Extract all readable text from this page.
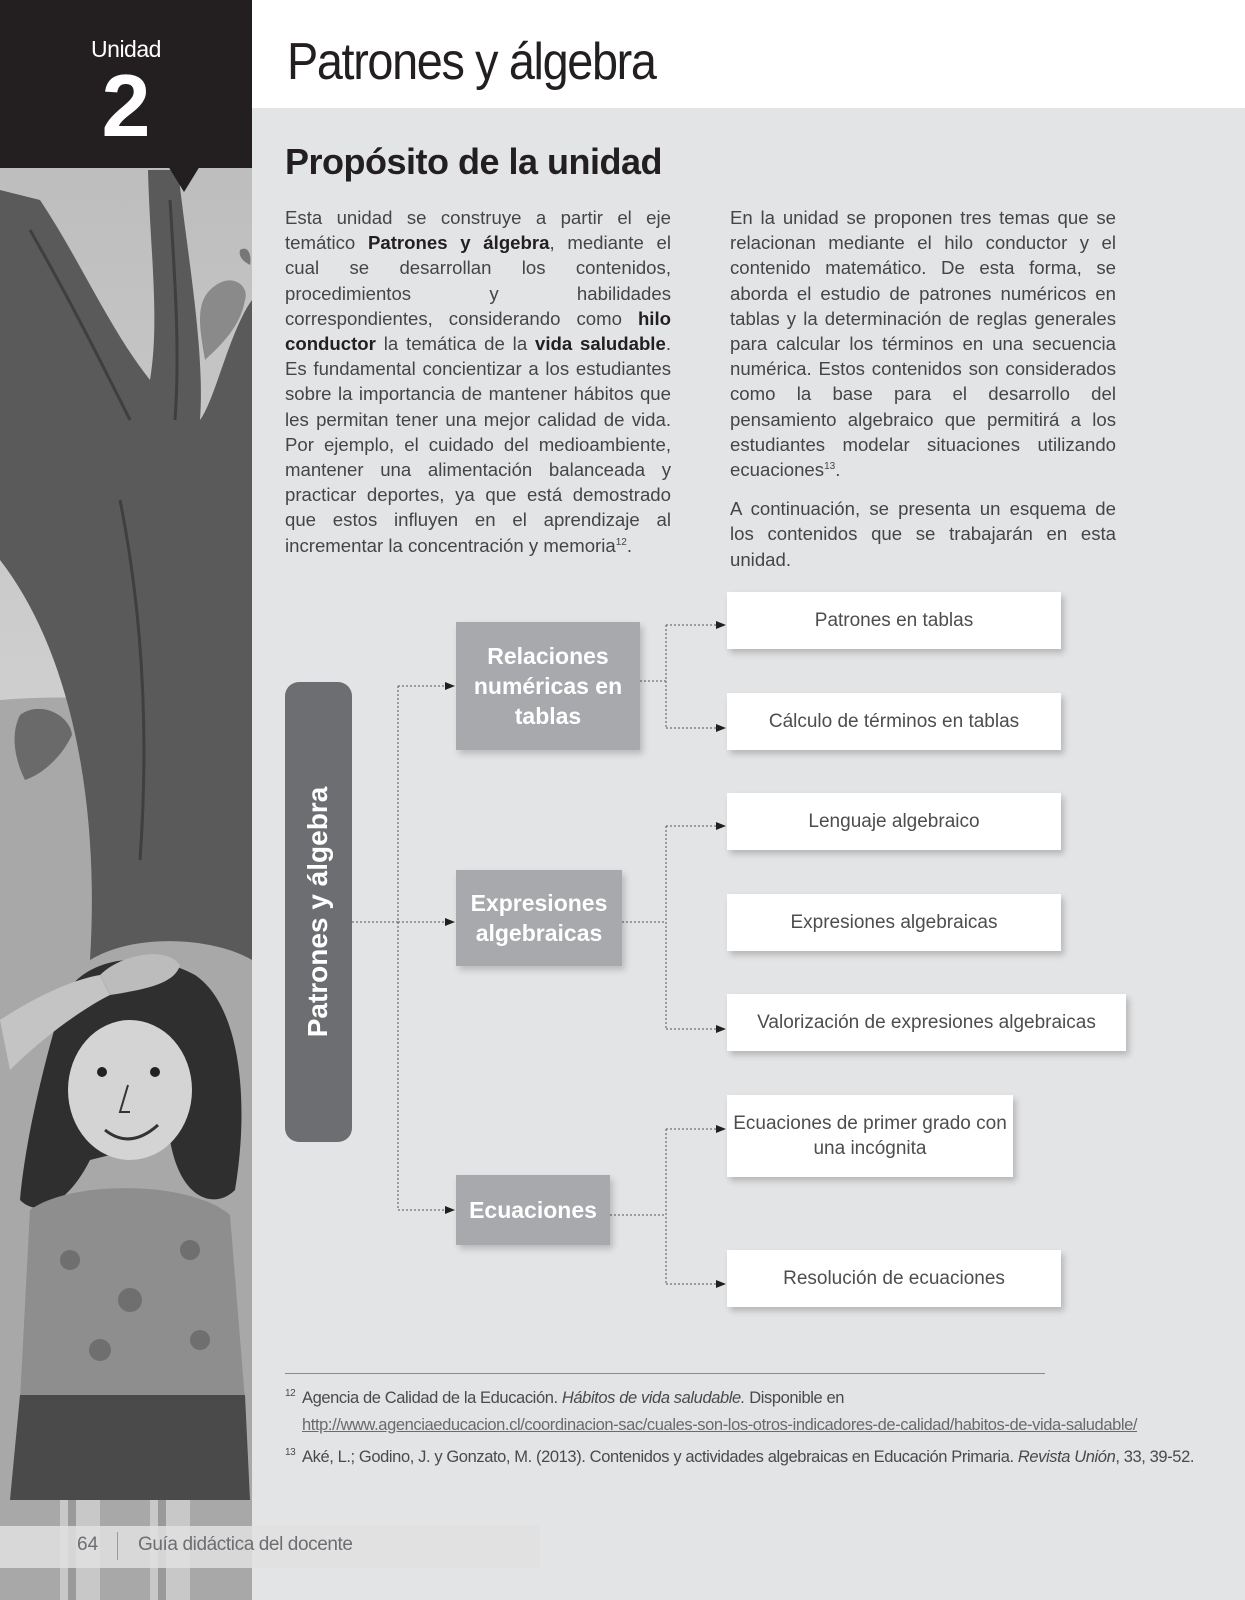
Unidad
2	Patrones y álgebra
Propósito de la unidad

Esta unidad se construye a partir el eje temático Patrones y álgebra, mediante el cual se desarrollan los contenidos, procedimientos y habilidades correspondientes, considerando como hilo conductor la temática de la vida saludable. Es fundamental concientizar a los estudiantes sobre la importancia de mantener hábitos que les permitan tener una mejor calidad de vida. Por ejemplo, el cuidado del medioambiente, mantener una alimentación balanceada y practicar deportes, ya que está demostrado que estos influyen en el aprendizaje al incrementar la concentración y memoria$^{12}$.

En la unidad se proponen tres temas que se relacionan mediante el hilo conductor y el contenido matemático. De esta forma, se aborda el estudio de patrones numéricos en tablas y la determinación de reglas generales para calcular los términos en una secuencia numérica. Estos contenidos son considerados como la base para el desarrollo del pensamiento algebraico que permitirá a los estudiantes modelar situaciones utilizando ecuaciones$^{13}$.

A continuación, se presenta un esquema de los contenidos que se trabajarán en esta unidad.

Patrones y álgebra
Relaciones numéricas en tablas
Expresiones algebraicas
Ecuaciones
Patrones en tablas
Cálculo de términos en tablas
Lenguaje algebraico
Expresiones algebraicas
Valorización de expresiones algebraicas
Ecuaciones de primer grado con una incógnita
Resolución de ecuaciones
12 Agencia de Calidad de la Educación. Hábitos de vida saludable. Disponible en
http://www.agenciaeducacion.cl/coordinacion-sac/cuales-son-los-otros-indicadores-de-calidad/habitos-de-vida-saludable/
13 Aké, L.; Godino, J. y Gonzato, M. (2013). Contenidos y actividades algebraicas en Educación Primaria. Revista Unión, 33, 39-52.
64 Guía didáctica del docente
